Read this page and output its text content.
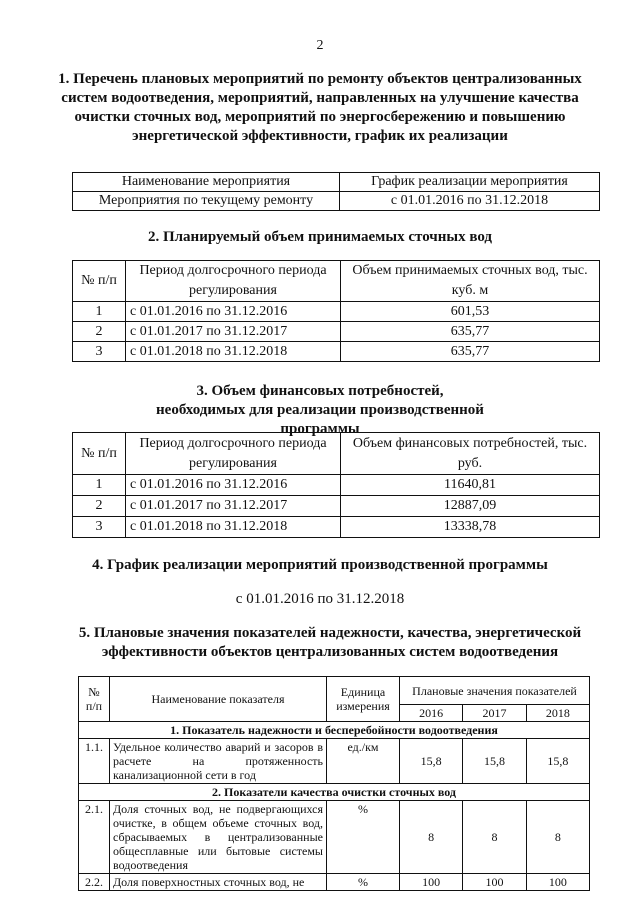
2
1. Перечень плановых мероприятий по ремонту объектов централизованных систем водоотведения, мероприятий, направленных на улучшение качества очистки сточных вод, мероприятий по энергосбережению и повышению энергетической эффективности, график их реализации
Наименование мероприятия	График реализации мероприятия
Мероприятия по текущему ремонту	с 01.01.2016 по 31.12.2018
2. Планируемый объем принимаемых сточных вод
№ п/п	Период долгосрочного периода регулирования	Объем принимаемых сточных вод, тыс. куб. м
1	с 01.01.2016 по 31.12.2016	601,53
2	с 01.01.2017 по 31.12.2017	635,77
3	с 01.01.2018 по 31.12.2018	635,77
3. Объем финансовых потребностей, необходимых для реализации производственной программы
№ п/п	Период долгосрочного периода регулирования	Объем финансовых потребностей, тыс. руб.
1	с 01.01.2016 по 31.12.2016	11640,81
2	с 01.01.2017 по 31.12.2017	12887,09
3	с 01.01.2018 по 31.12.2018	13338,78
4. График реализации мероприятий производственной программы
с 01.01.2016 по 31.12.2018
5. Плановые значения показателей надежности, качества, энергетической эффективности объектов централизованных систем водоотведения
№ п/п	Наименование показателя	Единица измерения	Плановые значения показателей		
			2016	2017	2018
1. Показатель надежности и бесперебойности водоотведения					
1.1.	Удельное количество аварий и засоров в расчете на протяженность канализационной сети в год	ед./км	15,8	15,8	15,8
2. Показатели качества очистки сточных вод					
2.1.	Доля сточных вод, не подвергающихся очистке, в общем объеме сточных вод, сбрасываемых в централизованные общесплавные или бытовые системы водоотведения	%	8	8	8
2.2.	Доля поверхностных сточных вод, не	%	100	100	100
